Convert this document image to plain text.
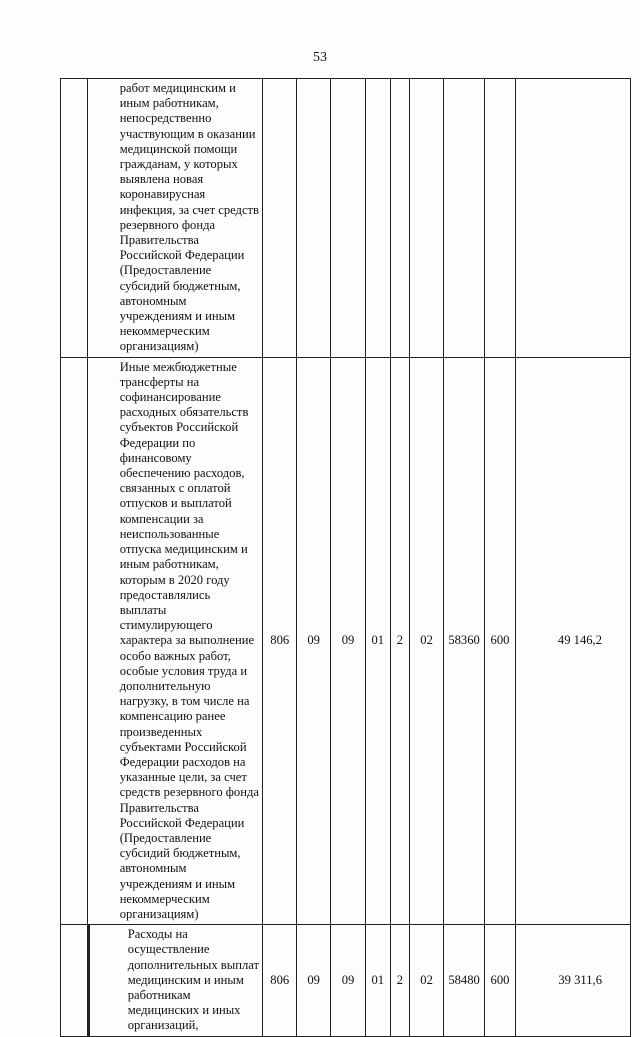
53
	работ медицинским и иным работникам, непосредственно участвующим в оказании медицинской помощи гражданам, у которых выявлена новая коронавирусная инфекция, за счет средств резервного фонда Правительства Российской Федерации (Предоставление субсидий бюджетным, автономным учреждениям и иным некоммерческим организациям)									
	Иные межбюджетные трансферты на софинансирование расходных обязательств субъектов Российской Федерации по финансовому обеспечению расходов, связанных с оплатой отпусков и выплатой компенсации за неиспользованные отпуска медицинским и иным работникам, которым в 2020 году предоставлялись выплаты стимулирующего характера за выполнение особо важных работ, особые условия труда и дополнительную нагрузку, в том числе на компенсацию ранее произведенных субъектами Российской Федерации расходов на указанные цели, за счет средств резервного фонда Правительства Российской Федерации (Предоставление субсидий бюджетным, автономным учреждениям и иным некоммерческим организациям)	806	09	09	01	2	02	58360	600	49 146,2
		Расходы на осуществление дополнительных выплат медицинским и иным работникам медицинских и иных организаций,	806	09	09	01	2	02	58480	600	39 311,6
